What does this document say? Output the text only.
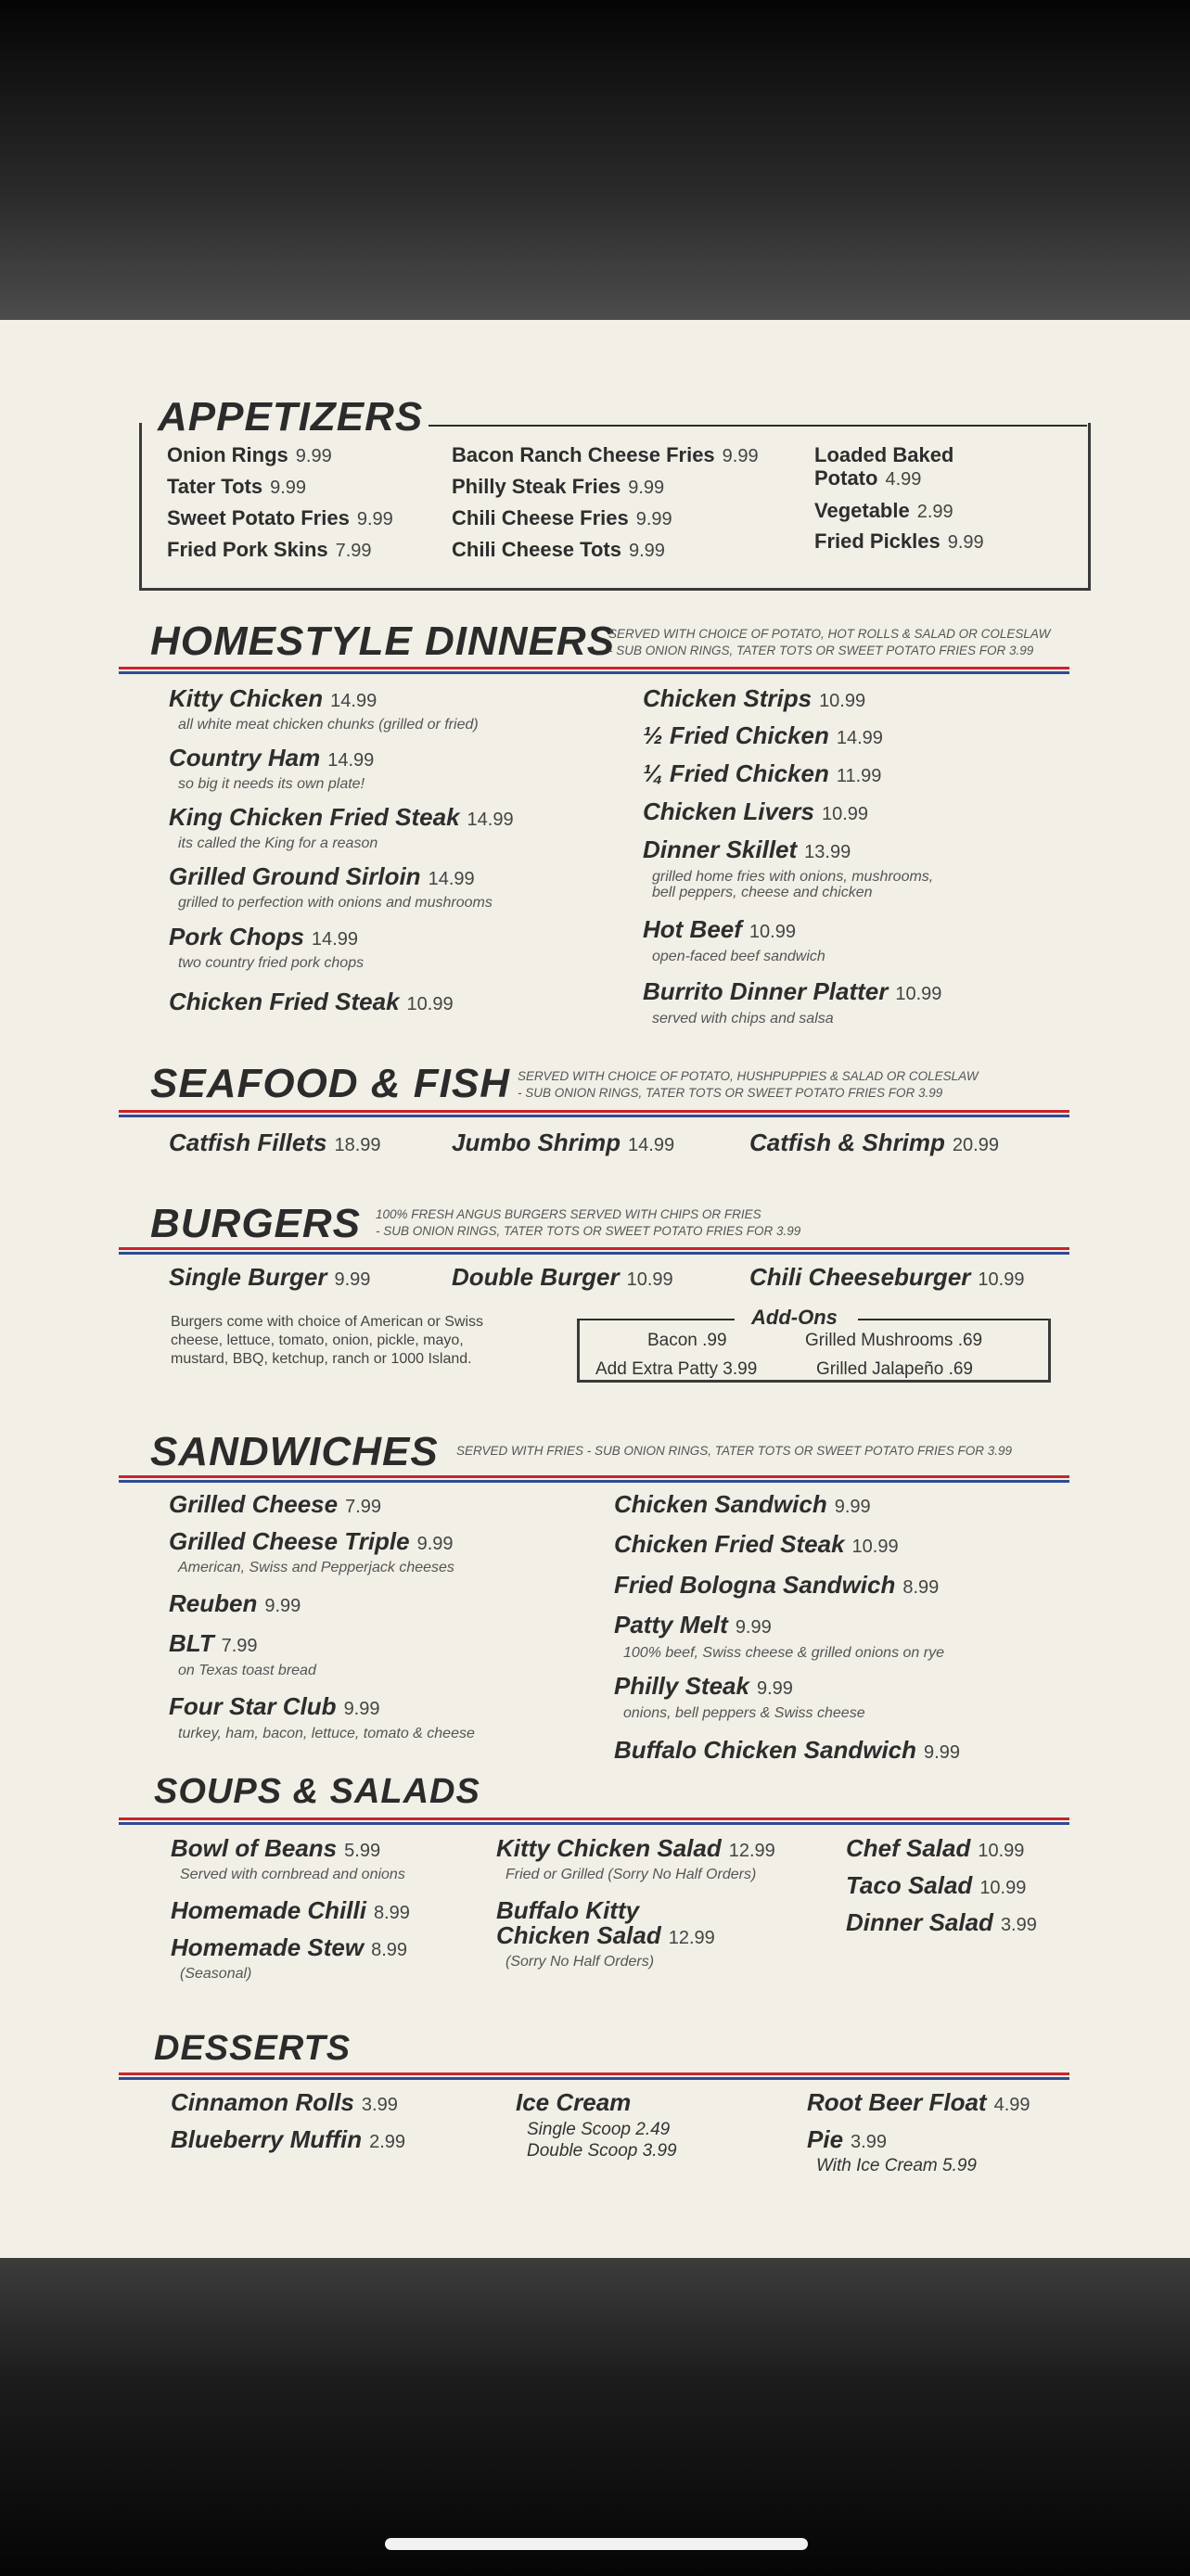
APPETIZERS
Onion Rings 9.99
Tater Tots 9.99
Sweet Potato Fries 9.99
Fried Pork Skins 7.99
Bacon Ranch Cheese Fries 9.99
Philly Steak Fries 9.99
Chili Cheese Fries 9.99
Chili Cheese Tots 9.99
Loaded Baked
Potato 4.99
Vegetable 2.99
Fried Pickles 9.99
HOMESTYLE DINNERS
SERVED WITH CHOICE OF POTATO, HOT ROLLS & SALAD OR COLESLAW
- SUB ONION RINGS, TATER TOTS OR SWEET POTATO FRIES FOR 3.99
Kitty Chicken 14.99
all white meat chicken chunks (grilled or fried)
Country Ham 14.99
so big it needs its own plate!
King Chicken Fried Steak 14.99
its called the King for a reason
Grilled Ground Sirloin 14.99
grilled to perfection with onions and mushrooms
Pork Chops 14.99
two country fried pork chops
Chicken Fried Steak 10.99
Chicken Strips 10.99
½ Fried Chicken 14.99
¼ Fried Chicken 11.99
Chicken Livers 10.99
Dinner Skillet 13.99
grilled home fries with onions, mushrooms,
bell peppers, cheese and chicken
Hot Beef 10.99
open-faced beef sandwich
Burrito Dinner Platter 10.99
served with chips and salsa
SEAFOOD & FISH SERVED WITH CHOICE OF POTATO, HUSHPUPPIES & SALAD OR COLESLAW
- SUB ONION RINGS, TATER TOTS OR SWEET POTATO FRIES FOR 3.99
Catfish Fillets 18.99	Jumbo Shrimp 14.99	Catfish & Shrimp 20.99
BURGERS 100% FRESH ANGUS BURGERS SERVED WITH CHIPS OR FRIES
- SUB ONION RINGS, TATER TOTS OR SWEET POTATO FRIES FOR 3.99
Single Burger 9.99	Double Burger 10.99	Chili Cheeseburger 10.99
Burgers come with choice of American or Swiss
cheese, lettuce, tomato, onion, pickle, mayo,
mustard, BBQ, ketchup, ranch or 1000 Island.
Add-Ons
Bacon .99	Grilled Mushrooms .69
Add Extra Patty 3.99	Grilled Jalapeño .69
SANDWICHES SERVED WITH FRIES - SUB ONION RINGS, TATER TOTS OR SWEET POTATO FRIES FOR 3.99
Grilled Cheese 7.99
Grilled Cheese Triple 9.99
American, Swiss and Pepperjack cheeses
Reuben 9.99
BLT 7.99
on Texas toast bread
Four Star Club 9.99
turkey, ham, bacon, lettuce, tomato & cheese
Chicken Sandwich 9.99
Chicken Fried Steak 10.99
Fried Bologna Sandwich 8.99
Patty Melt 9.99
100% beef, Swiss cheese & grilled onions on rye
Philly Steak 9.99
onions, bell peppers & Swiss cheese
Buffalo Chicken Sandwich 9.99
SOUPS & SALADS
Bowl of Beans 5.99
Served with cornbread and onions
Homemade Chilli 8.99
Homemade Stew 8.99
(Seasonal)
Kitty Chicken Salad 12.99
Fried or Grilled (Sorry No Half Orders)
Buffalo Kitty
Chicken Salad 12.99
(Sorry No Half Orders)
Chef Salad 10.99
Taco Salad 10.99
Dinner Salad 3.99
DESSERTS
Cinnamon Rolls 3.99
Blueberry Muffin 2.99
Ice Cream
Single Scoop 2.49
Double Scoop 3.99
Root Beer Float 4.99
Pie 3.99
With Ice Cream 5.99
